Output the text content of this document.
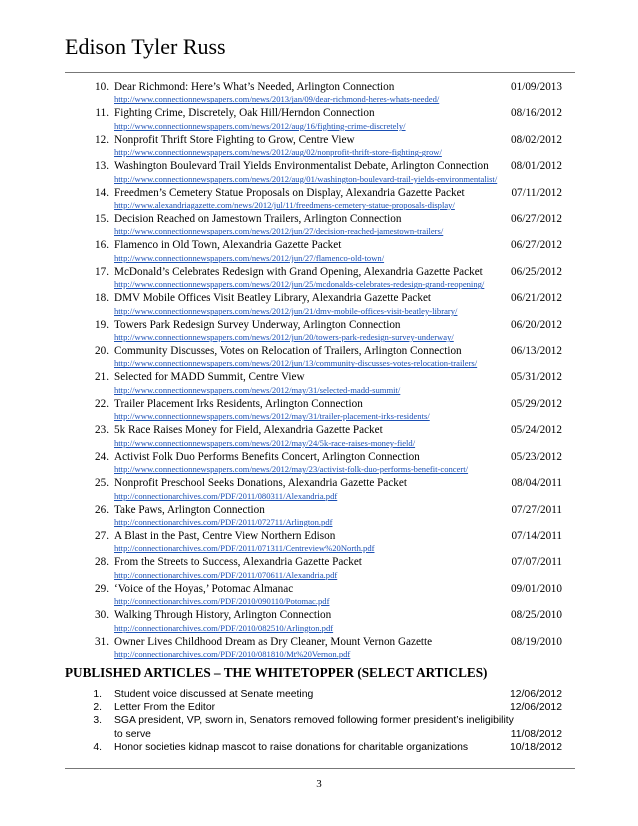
Edison Tyler Russ
10. Dear Richmond: Here’s What’s Needed, Arlington Connection	01/09/2013
http://www.connectionnewspapers.com/news/2013/jan/09/dear-richmond-heres-whats-needed/
11. Fighting Crime, Discretely, Oak Hill/Herndon Connection	08/16/2012
http://www.connectionnewspapers.com/news/2012/aug/16/fighting-crime-discretely/
12. Nonprofit Thrift Store Fighting to Grow, Centre View	08/02/2012
http://www.connectionnewspapers.com/news/2012/aug/02/nonprofit-thrift-store-fighting-grow/
13. Washington Boulevard Trail Yields Environmentalist Debate, Arlington Connection	08/01/2012
http://www.connectionnewspapers.com/news/2012/aug/01/washington-boulevard-trail-yields-environmentalist/
14. Freedmen’s Cemetery Statue Proposals on Display, Alexandria Gazette Packet	07/11/2012
http://www.alexandriagazette.com/news/2012/jul/11/freedmens-cemetery-statue-proposals-display/
15. Decision Reached on Jamestown Trailers, Arlington Connection	06/27/2012
http://www.connectionnewspapers.com/news/2012/jun/27/decision-reached-jamestown-trailers/
16. Flamenco in Old Town, Alexandria Gazette Packet	06/27/2012
http://www.connectionnewspapers.com/news/2012/jun/27/flamenco-old-town/
17. McDonald’s Celebrates Redesign with Grand Opening, Alexandria Gazette Packet	06/25/2012
http://www.connectionnewspapers.com/news/2012/jun/25/mcdonalds-celebrates-redesign-grand-reopening/
18. DMV Mobile Offices Visit Beatley Library, Alexandria Gazette Packet	06/21/2012
http://www.connectionnewspapers.com/news/2012/jun/21/dmv-mobile-offices-visit-beatley-library/
19. Towers Park Redesign Survey Underway, Arlington Connection	06/20/2012
http://www.connectionnewspapers.com/news/2012/jun/20/towers-park-redesign-survey-underway/
20. Community Discusses, Votes on Relocation of Trailers, Arlington Connection	06/13/2012
http://www.connectionnewspapers.com/news/2012/jun/13/community-discusses-votes-relocation-trailers/
21. Selected for MADD Summit, Centre View	05/31/2012
http://www.connectionnewspapers.com/news/2012/may/31/selected-madd-summit/
22. Trailer Placement Irks Residents, Arlington Connection	05/29/2012
http://www.connectionnewspapers.com/news/2012/may/31/trailer-placement-irks-residents/
23. 5k Race Raises Money for Field, Alexandria Gazette Packet	05/24/2012
http://www.connectionnewspapers.com/news/2012/may/24/5k-race-raises-money-field/
24. Activist Folk Duo Performs Benefits Concert, Arlington Connection	05/23/2012
http://www.connectionnewspapers.com/news/2012/may/23/activist-folk-duo-performs-benefit-concert/
25. Nonprofit Preschool Seeks Donations, Alexandria Gazette Packet	08/04/2011
http://connectionarchives.com/PDF/2011/080311/Alexandria.pdf
26. Take Paws, Arlington Connection	07/27/2011
http://connectionarchives.com/PDF/2011/072711/Arlington.pdf
27. A Blast in the Past, Centre View Northern Edison	07/14/2011
http://connectionarchives.com/PDF/2011/071311/Centreview%20North.pdf
28. From the Streets to Success, Alexandria Gazette Packet	07/07/2011
http://connectionarchives.com/PDF/2011/070611/Alexandria.pdf
29. ‘Voice of the Hoyas,’ Potomac Almanac	09/01/2010
http://connectionarchives.com/PDF/2010/090110/Potomac.pdf
30. Walking Through History, Arlington Connection	08/25/2010
http://connectionarchives.com/PDF/2010/082510/Arlington.pdf
31. Owner Lives Childhood Dream as Dry Cleaner, Mount Vernon Gazette	08/19/2010
http://connectionarchives.com/PDF/2010/081810/Mt%20Vernon.pdf
PUBLISHED ARTICLES – THE WHITETOPPER (SELECT ARTICLES)
1. Student voice discussed at Senate meeting	12/06/2012
2. Letter From the Editor	12/06/2012
3. SGA president, VP, sworn in, Senators removed following former president’s ineligibility to serve	11/08/2012
4. Honor societies kidnap mascot to raise donations for charitable organizations	10/18/2012
3
